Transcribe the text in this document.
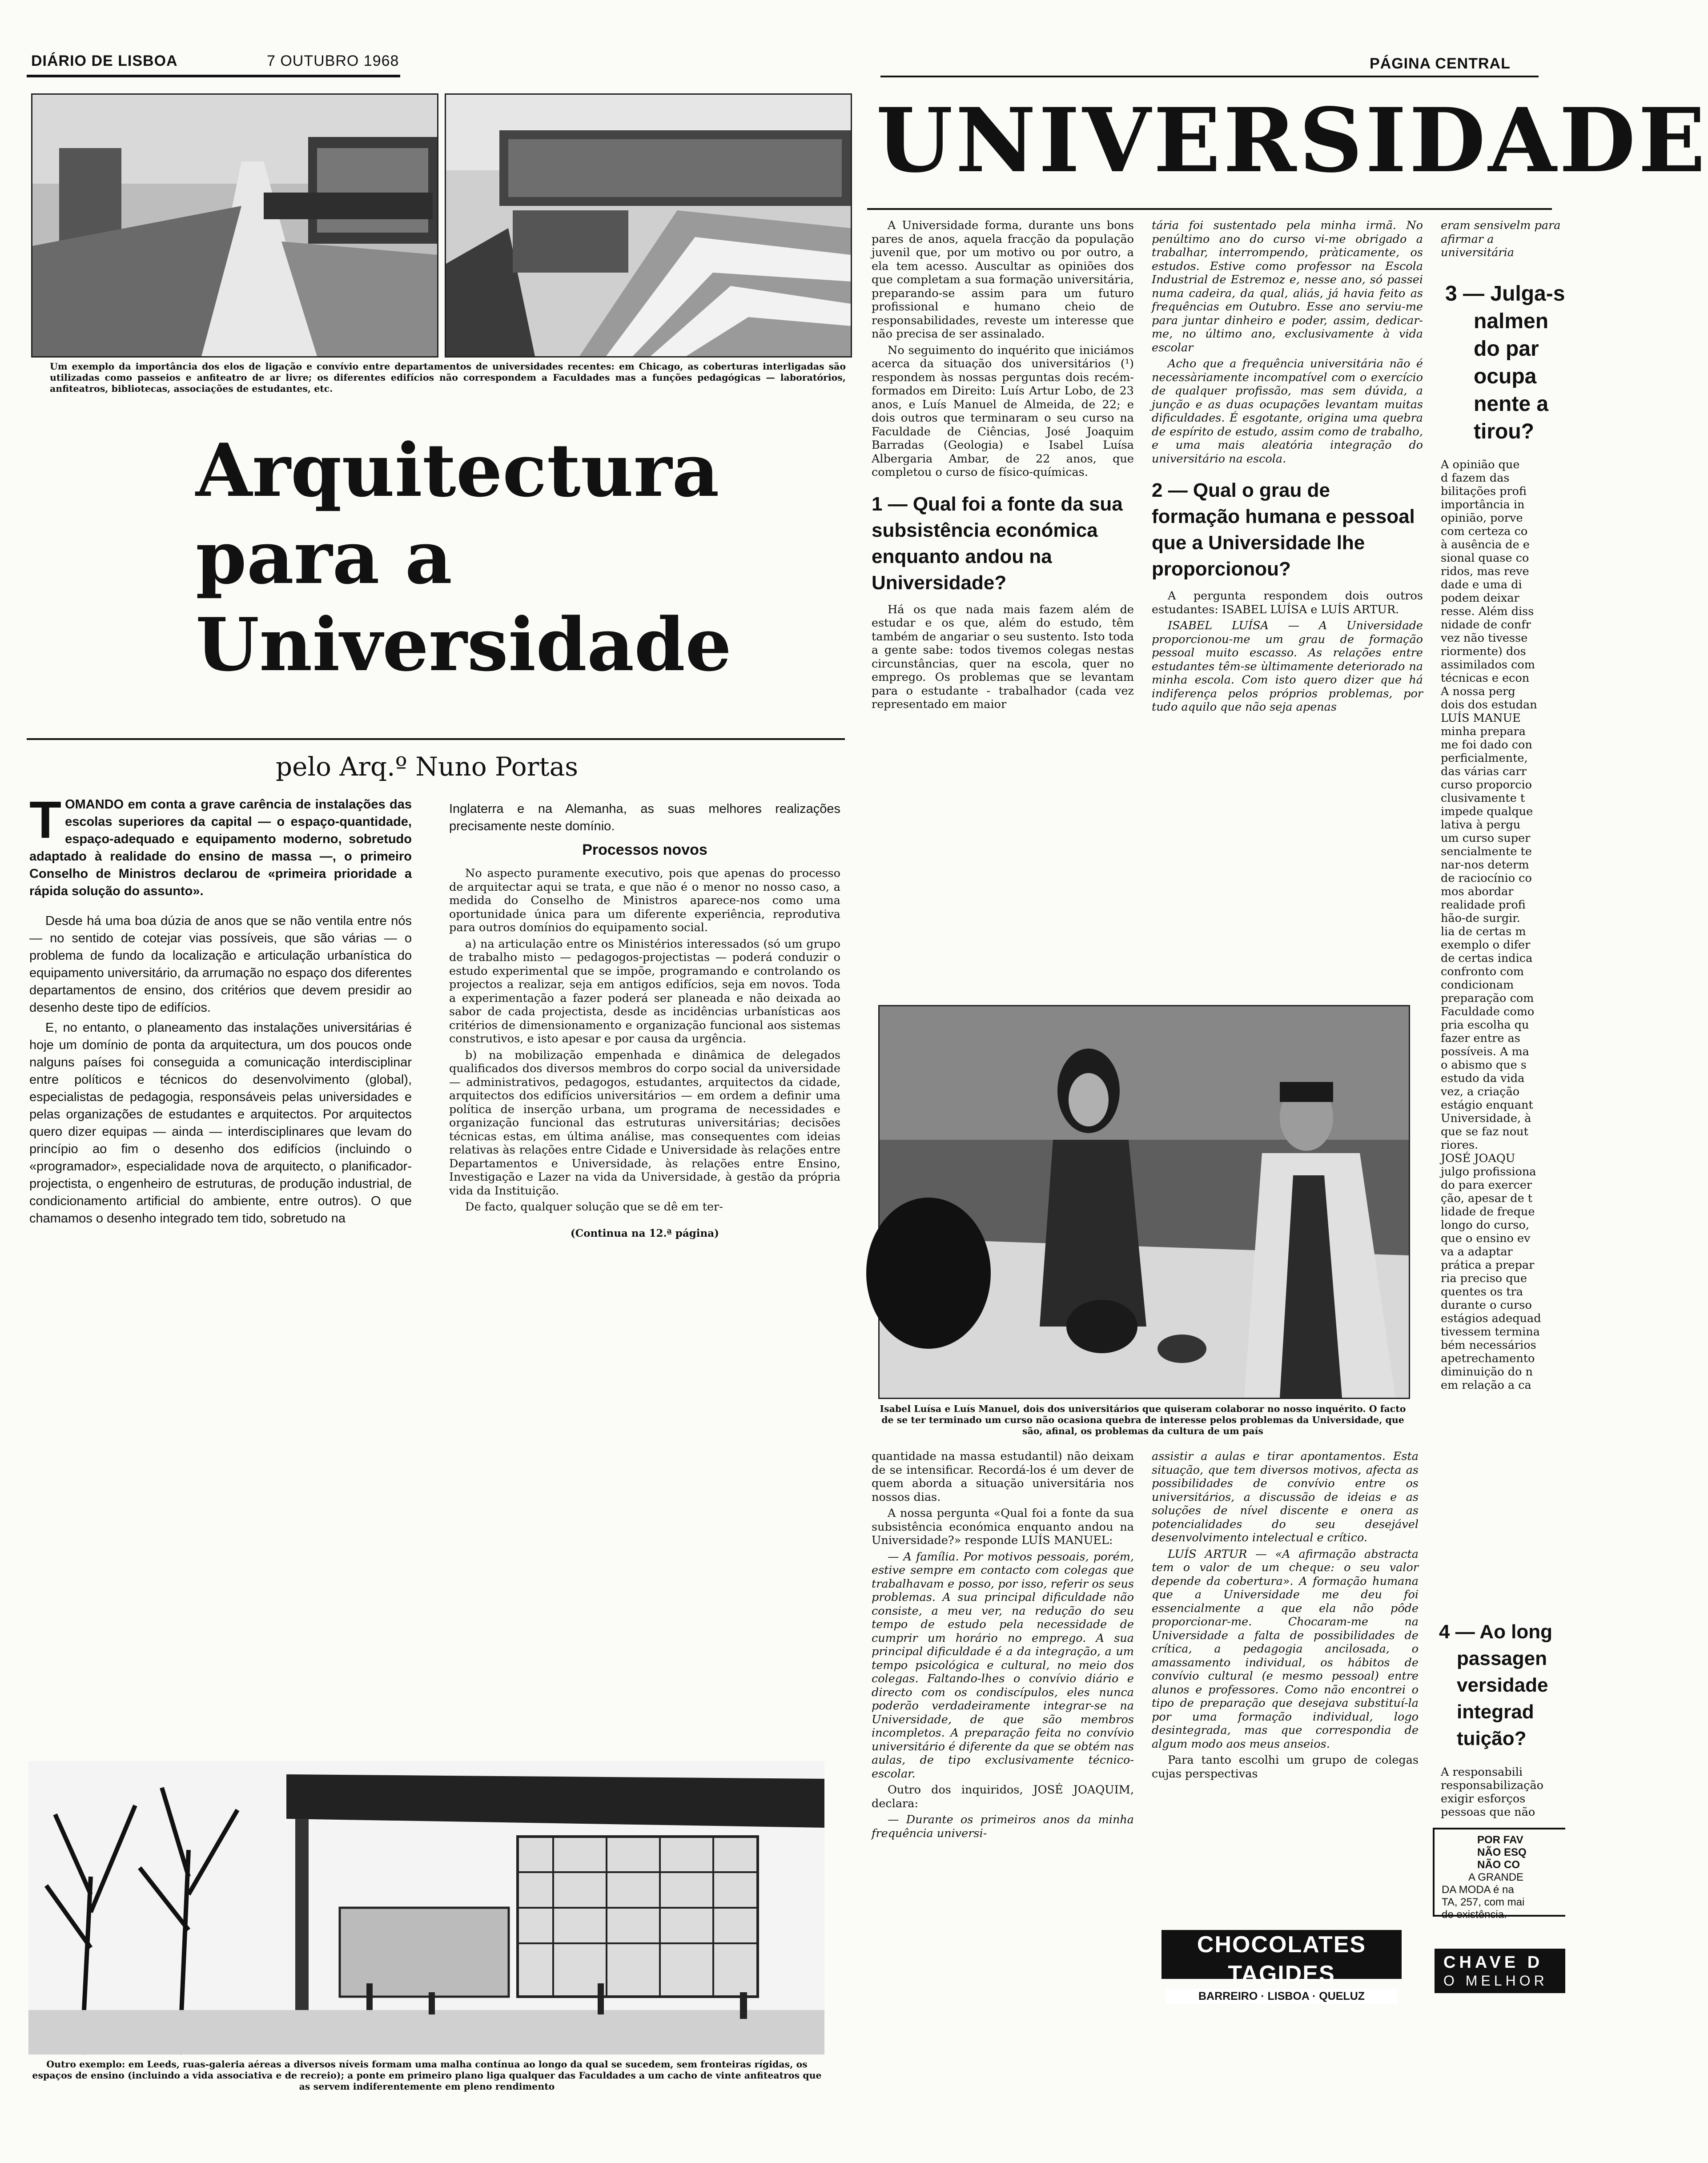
DIÁRIO DE LISBOA	7 OUTUBRO 1968	PÁGINA CENTRAL
Um exemplo da importância dos elos de ligação e convívio entre departamentos de universidades recentes: em Chicago, as coberturas interligadas são utilizadas como passeios e anfiteatro de ar livre; os diferentes edifícios não correspondem a Faculdades mas a funções pedagógicas — laboratórios, anfiteatros, bibliotecas, associações de estudantes, etc.
Arquitectura
para a
Universidade
pelo Arq.º Nuno Portas
TOMANDO em conta a grave carência de instalações das escolas superiores da capital — o espaço-quantidade, espaço-adequado e equipamento moderno, sobretudo adaptado à realidade do ensino de massa —, o primeiro Conselho de Ministros declarou de «primeira prioridade a rápida solução do assunto».

Desde há uma boa dúzia de anos que se não ventila entre nós — no sentido de cotejar vias possíveis, que são várias — o problema de fundo da localização e articulação urbanística do equipamento universitário, da arrumação no espaço dos diferentes departamentos de ensino, dos critérios que devem presidir ao desenho deste tipo de edifícios.

E, no entanto, o planeamento das instalações universitárias é hoje um domínio de ponta da arquitectura, um dos poucos onde nalguns países foi conseguida a comunicação interdisciplinar entre políticos e técnicos do desenvolvimento (global), especialistas de pedagogia, responsáveis pelas universidades e pelas organizações de estudantes e arquitectos. Por arquitectos quero dizer equipas — ainda — interdisciplinares que levam do princípio ao fim o desenho dos edifícios (incluindo o «programador», especialidade nova de arquitecto, o planificador-projectista, o engenheiro de estruturas, de produção industrial, de condicionamento artificial do ambiente, entre outros). O que chamamos o desenho integrado tem tido, sobretudo na

Inglaterra e na Alemanha, as suas melhores realizações precisamente neste domínio.

Processos novos

No aspecto puramente executivo, pois que apenas do processo de arquitectar aqui se trata, e que não é o menor no nosso caso, a medida do Conselho de Ministros aparece-nos como uma oportunidade única para um diferente experiência, reprodutiva para outros domínios do equipamento social.

a) na articulação entre os Ministérios interessados (só um grupo de trabalho misto — pedagogos-projectistas — poderá conduzir o estudo experimental que se impõe, programando e controlando os projectos a realizar, seja em antigos edifícios, seja em novos. Toda a experimentação a fazer poderá ser planeada e não deixada ao sabor de cada projectista, desde as incidências urbanísticas aos critérios de dimensionamento e organização funcional aos sistemas construtivos, e isto apesar e por causa da urgência.

b) na mobilização empenhada e dinâmica de delegados qualificados dos diversos membros do corpo social da universidade — administrativos, pedagogos, estudantes, arquitectos da cidade, arquitectos dos edifícios universitários — em ordem a definir uma política de inserção urbana, um programa de necessidades e organização funcional das estruturas universitárias; decisões técnicas estas, em última análise, mas consequentes com ideias relativas às relações entre Cidade e Universidade às relações entre Departamentos e Universidade, às relações entre Ensino, Investigação e Lazer na vida da Universidade, à gestão da própria vida da Instituição.

De facto, qualquer solução que se dê em ter-

(Continua na 12.ª página)
Outro exemplo: em Leeds, ruas-galeria aéreas a diversos níveis formam uma malha contínua ao longo da qual se sucedem, sem fronteiras rígidas, os espaços de ensino (incluindo a vida associativa e de recreio); a ponte em primeiro plano liga qualquer das Faculdades a um cacho de vinte anfiteatros que as servem indiferentemente em pleno rendimento
UNIVERSIDADE

A Universidade forma, durante uns bons pares de anos, aquela fracção da população juvenil que, por um motivo ou por outro, a ela tem acesso. Auscultar as opiniões dos que completam a sua formação universitária, preparando-se assim para um futuro profissional e humano cheio de responsabilidades, reveste um interesse que não precisa de ser assinalado.

No seguimento do inquérito que iniciámos acerca da situação dos universitários (¹) respondem às nossas perguntas dois recém-formados em Direito: Luís Artur Lobo, de 23 anos, e Luís Manuel de Almeida, de 22; e dois outros que terminaram o seu curso na Faculdade de Ciências, José Joaquim Barradas (Geologia) e Isabel Luísa Albergaria Ambar, de 22 anos, que completou o curso de físico-químicas.

1 — Qual foi a fonte da sua subsistência económica enquanto andou na Universidade?

Há os que nada mais fazem além de estudar e os que, além do estudo, têm também de angariar o seu sustento. Isto toda a gente sabe: todos tivemos colegas nestas circunstâncias, quer na escola, quer no emprego. Os problemas que se levantam para o estudante - trabalhador (cada vez representado em maior

tária foi sustentado pela minha irmã. No penúltimo ano do curso vi-me obrigado a trabalhar, interrompendo, pràticamente, os estudos. Estive como professor na Escola Industrial de Estremoz e, nesse ano, só passei numa cadeira, da qual, aliás, já havia feito as frequências em Outubro. Esse ano serviu-me para juntar dinheiro e poder, assim, dedicar-me, no último ano, exclusivamente à vida escolar

Acho que a frequência universitária não é necessàriamente incompatível com o exercício de qualquer profissão, mas sem dúvida, a junção e as duas ocupações levantam muitas dificuldades. É esgotante, origina uma quebra de espírito de estudo, assim como de trabalho, e uma mais aleatória integração do universitário na escola.

2 — Qual o grau de formação humana e pessoal que a Universidade lhe proporcionou?

A pergunta respondem dois outros estudantes: ISABEL LUÍSA e LUÍS ARTUR.

ISABEL LUÍSA — A Universidade proporcionou-me um grau de formação pessoal muito escasso. As relações entre estudantes têm-se ùltimamente deteriorado na minha escola. Com isto quero dizer que há indiferença pelos próprios problemas, por tudo aquilo que não seja apenas

Isabel Luísa e Luís Manuel, dois dos universitários que quiseram colaborar no nosso inquérito. O facto de se ter terminado um curso não ocasiona quebra de interesse pelos problemas da Universidade, que são, afinal, os problemas da cultura de um país

quantidade na massa estudantil) não deixam de se intensificar. Recordá-los é um dever de quem aborda a situação universitária nos nossos dias.

A nossa pergunta «Qual foi a fonte da sua subsistência económica enquanto andou na Universidade?» responde LUÍS MANUEL:

— A família. Por motivos pessoais, porém, estive sempre em contacto com colegas que trabalhavam e posso, por isso, referir os seus problemas. A sua principal dificuldade não consiste, a meu ver, na redução do seu tempo de estudo pela necessidade de cumprir um horário no emprego. A sua principal dificuldade é a da integração, a um tempo psicológica e cultural, no meio dos colegas. Faltando-lhes o convívio diário e directo com os condiscípulos, eles nunca poderão verdadeiramente integrar-se na Universidade, de que são membros incompletos. A preparação feita no convívio universitário é diferente da que se obtém nas aulas, de tipo exclusivamente técnico-escolar.

Outro dos inquiridos, JOSÉ JOAQUIM, declara:

— Durante os primeiros anos da minha frequência universi-

assistir a aulas e tirar apontamentos. Esta situação, que tem diversos motivos, afecta as possibilidades de convívio entre os universitários, a discussão de ideias e as soluções de nível discente e onera as potencialidades do seu desejável desenvolvimento intelectual e crítico.

LUÍS ARTUR — «A afirmação abstracta tem o valor de um cheque: o seu valor depende da cobertura». A formação humana que a Universidade me deu foi essencialmente a que ela não pôde proporcionar-me. Chocaram-me na Universidade a falta de possibilidades de crítica, a pedagogia ancilosada, o amassamento individual, os hábitos de convívio cultural (e mesmo pessoal) entre alunos e professores. Como não encontrei o tipo de preparação que desejava substituí-la por uma formação individual, logo desintegrada, mas que correspondia de algum modo aos meus anseios.

Para tanto escolhi um grupo de colegas cujas perspectivas

CHOCOLATES TAGIDES
BARREIRO · LISBOA · QUELUZ
eram sensivelm para afirmar a universitária
3 — Julga-s
nalmen
do par
ocupa
nente a
tirou?
A opinião que
d fazem das
bilitações profi
importância in
opinião, porve
com certeza co
à ausência de e
sional quase co
ridos, mas reve
dade e uma di
podem deixar
resse. Além diss
nidade de confr
vez não tivesse
riormente) dos
assimilados com
técnicas e econ
A nossa perg
dois dos estudan
LUÍS MANUE
minha prepara
me foi dado con
perficialmente,
das várias carr
curso proporcio
clusivamente t
impede qualque
lativa à pergu
um curso super
sencialmente te
nar-nos determ
de raciocínio co
mos abordar
realidade profi
hão-de surgir.
lia de certas m
exemplo o difer
de certas indica
confronto com
condicionam
preparação com
Faculdade como
pria escolha qu
fazer entre as
possíveis. A ma
o abismo que s
estudo da vida
vez, a criação
estágio enquant
Universidade, à
que se faz nout
riores.
JOSÉ JOAQU
julgo profissiona
do para exercer
ção, apesar de t
lidade de freque
longo do curso,
que o ensino ev
va a adaptar
prática a prepar
ria preciso que
quentes os tra
durante o curso
estágios adequad
tivessem termina
bém necessários
apetrechamento
diminuição do n
em relação a ca
4 — Ao long
passagen
versidade
integrad
tuição?
A responsabili
responsabilização
exigir esforços
pessoas que não
POR FAV
NÃO ESQ
NÃO CO
A GRANDE
DA MODA é na
TA, 257, com mai
de existência.
CHAVE D
O MELHOR
